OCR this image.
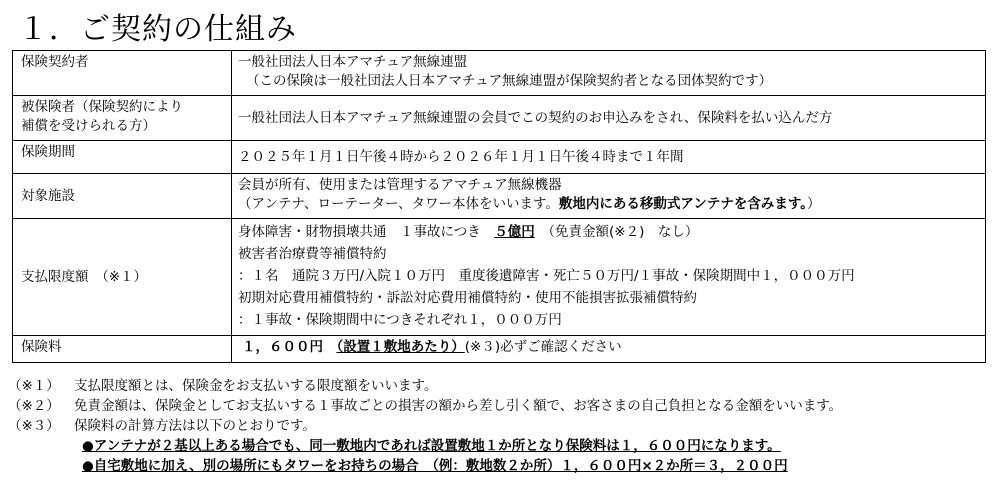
１．ご契約の仕組み
保険契約者	一般社団法人日本アマチュア無線連盟
（この保険は一般社団法人日本アマチュア無線連盟が保険契約者となる団体契約です）

被保険者（保険契約により
補償を受けられる方）	一般社団法人日本アマチュア無線連盟の会員でこの契約のお申込みをされ、保険料を払い込んだ方
保険期間	２０２５年１月１日午後４時から２０２６年１月１日午後４時まで１年間
対象施設	会員が所有、使用または管理するアマチュア無線機器
（アンテナ、ローテーター、タワー本体をいいます。敷地内にある移動式アンテナを含みます。）

支払限度額　（※１）	身体障害・財物損壊共通　１事故につき　５億円　（免責金額(※２)　なし）
被害者治療費等補償特約
：１名　通院３万円/入院１０万円　重度後遺障害・死亡５０万円/１事故・保険期間中１，０００万円
初期対応費用補償特約・訴訟対応費用補償特約・使用不能損害拡張補償特約
：１事故・保険期間中につきそれぞれ１，０００万円

保険料	１，６００円　 （設置１敷地あたり）(※３)必ずご確認ください
（※１）	支払限度額とは、保険金をお支払いする限度額をいいます。
（※２）	免責金額は、保険金としてお支払いする１事故ごとの損害の額から差し引く額で、お客さまの自己負担となる金額をいいます。
（※３）	保険料の計算方法は以下のとおりです。
●アンテナが２基以上ある場合でも、同一敷地内であれば設置敷地１か所となり保険料は１，６００円になります。
●自宅敷地に加え、別の場所にもタワーをお持ちの場合　（例：敷地数２か所）１，６００円×２か所＝３，２００円
